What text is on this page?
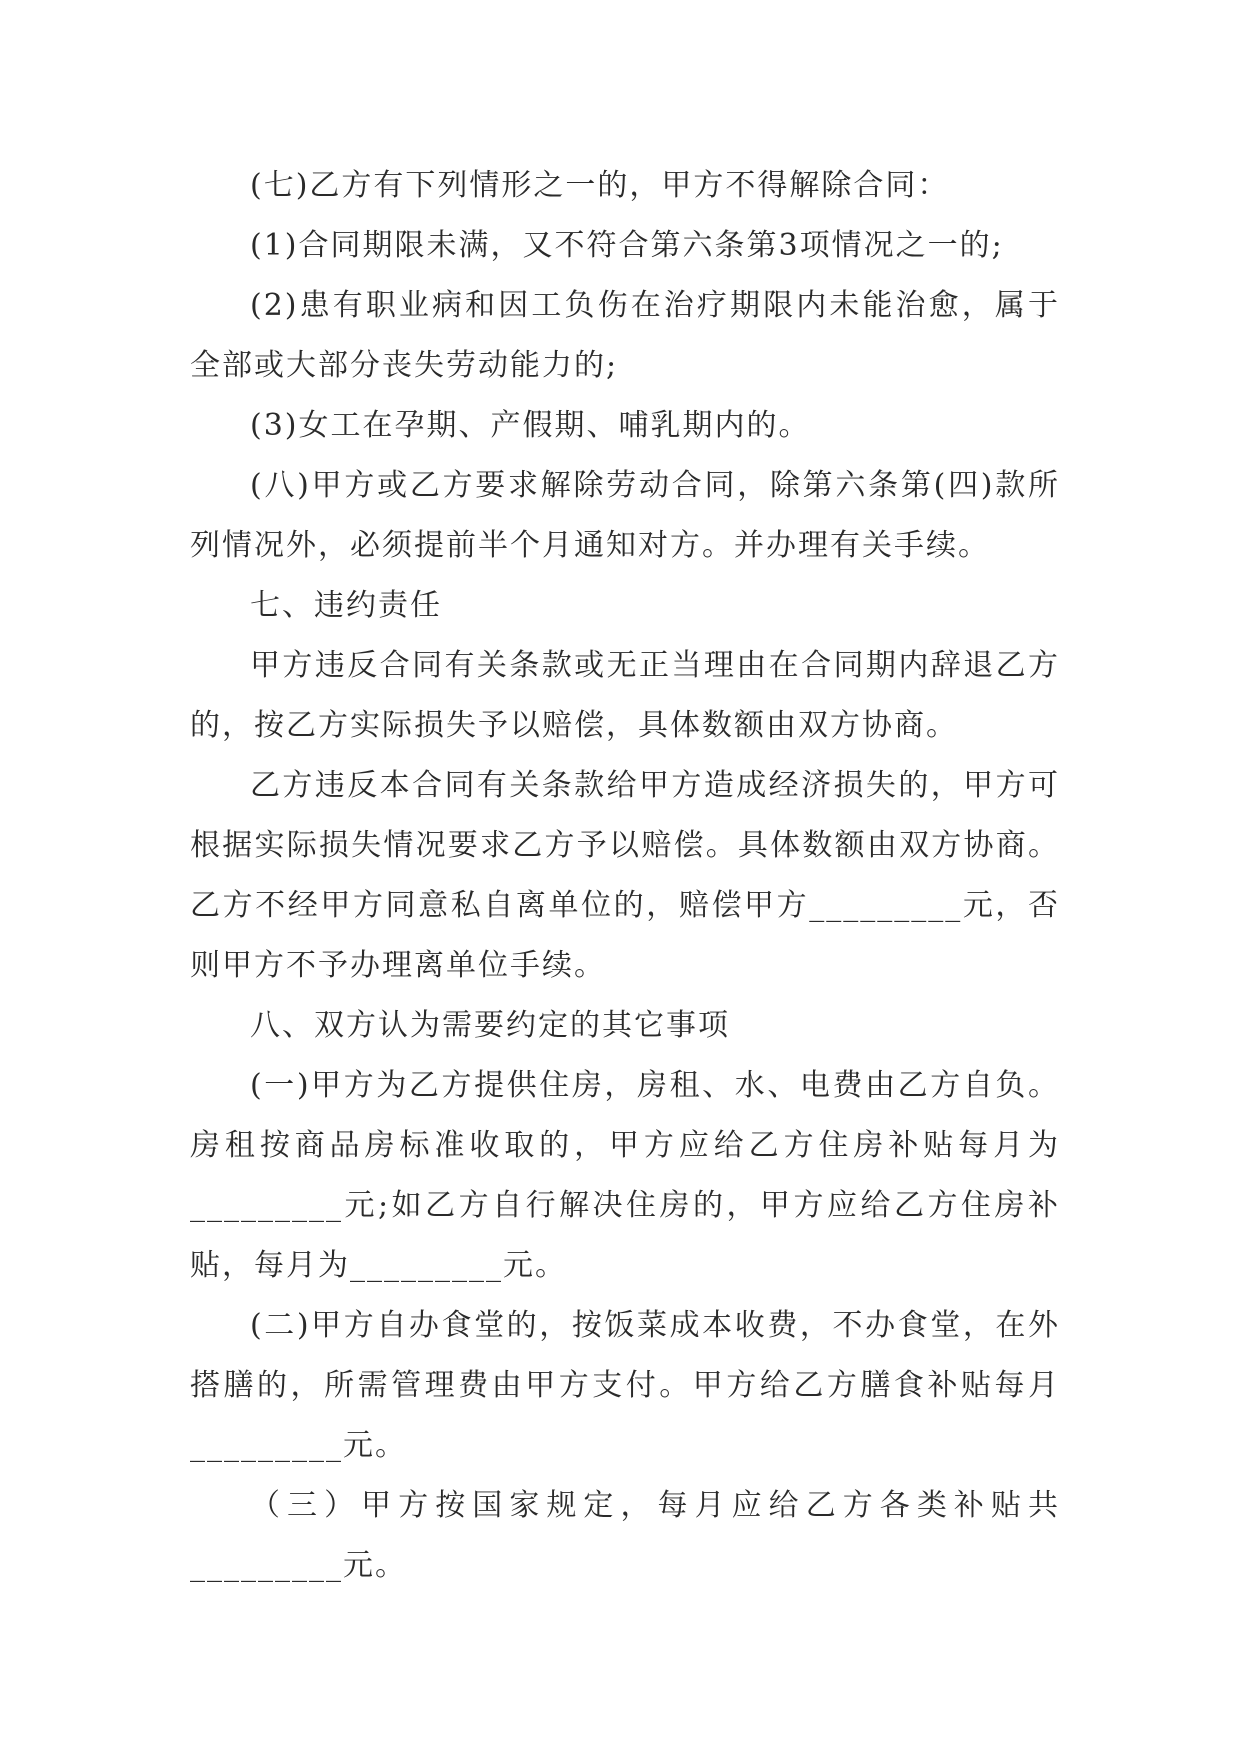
(七)乙方有下列情形之一的，甲方不得解除合同：

(1)合同期限未满，又不符合第六条第3项情况之一的;

(2)患有职业病和因工负伤在治疗期限内未能治愈，属于全部或大部分丧失劳动能力的;

(3)女工在孕期、产假期、哺乳期内的。

(八)甲方或乙方要求解除劳动合同，除第六条第(四)款所列情况外，必须提前半个月通知对方。并办理有关手续。

七、违约责任

甲方违反合同有关条款或无正当理由在合同期内辞退乙方的，按乙方实际损失予以赔偿，具体数额由双方协商。

乙方违反本合同有关条款给甲方造成经济损失的，甲方可根据实际损失情况要求乙方予以赔偿。具体数额由双方协商。乙方不经甲方同意私自离单位的，赔偿甲方_________元，否则甲方不予办理离单位手续。

八、双方认为需要约定的其它事项

(一)甲方为乙方提供住房，房租、水、电费由乙方自负。房租按商品房标准收取的，甲方应给乙方住房补贴每月为_________元;如乙方自行解决住房的，甲方应给乙方住房补贴，每月为_________元。

(二)甲方自办食堂的，按饭菜成本收费，不办食堂，在外搭膳的，所需管理费由甲方支付。甲方给乙方膳食补贴每月_________元。

（三）甲方按国家规定，每月应给乙方各类补贴共_________元。
